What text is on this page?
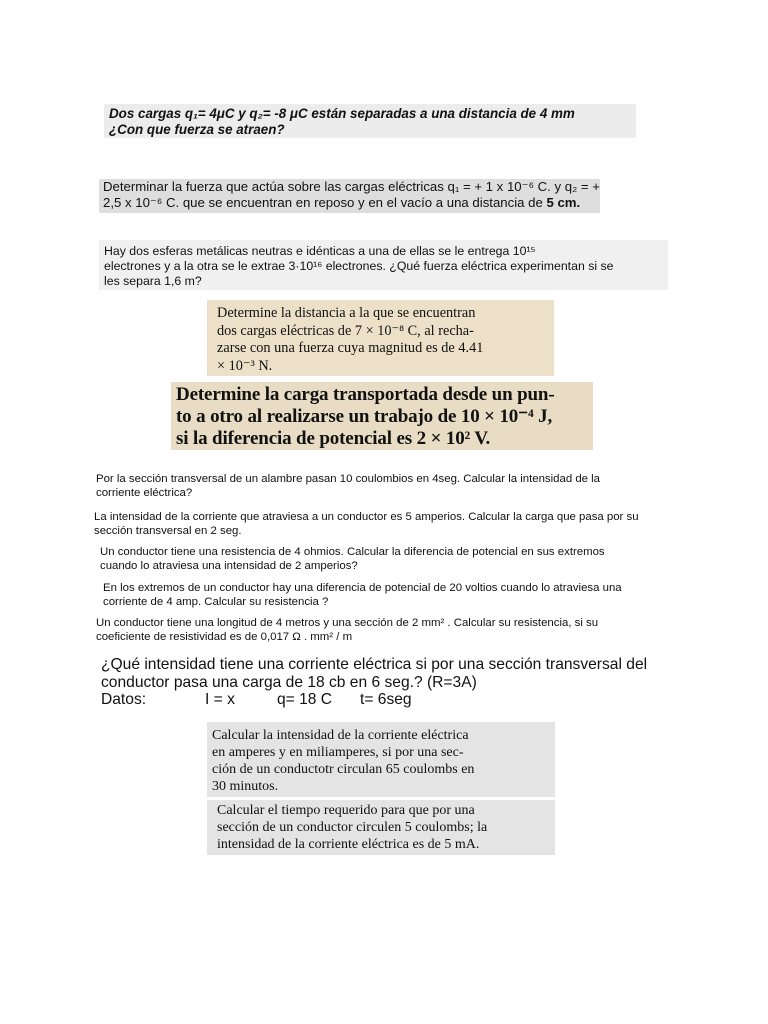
Dos cargas q₁= 4μC y q₂= -8 μC están separadas a una distancia de 4 mm
¿Con que fuerza se atraen?
Determinar la fuerza que actúa sobre las cargas eléctricas q₁ = + 1 x 10⁻⁶ C. y q₂ = +
2,5 x 10⁻⁶ C. que se encuentran en reposo y en el vacío a una distancia de 5 cm.
Hay dos esferas metálicas neutras e idénticas a una de ellas se le entrega 10¹⁵
electrones y a la otra se le extrae 3·10¹⁶ electrones. ¿Qué fuerza eléctrica experimentan si se
les separa 1,6 m?
Determine la distancia a la que se encuentran
dos cargas eléctricas de 7 × 10⁻⁸ C, al recha-
zarse con una fuerza cuya magnitud es de 4.41
× 10⁻³ N.
Determine la carga transportada desde un pun-
to a otro al realizarse un trabajo de 10 × 10⁻⁴ J,
si la diferencia de potencial es 2 × 10² V.
Por la sección transversal de un alambre pasan 10 coulombios en 4seg. Calcular la intensidad de la
corriente eléctrica?
La intensidad de la corriente que atraviesa a un conductor es 5 amperios. Calcular la carga que pasa por su
sección transversal en 2 seg.
Un conductor tiene una resistencia de 4 ohmios. Calcular la diferencia de potencial en sus extremos
cuando lo atraviesa una intensidad de 2 amperios?
En los extremos de un conductor hay una diferencia de potencial de 20 voltios cuando lo atraviesa una
corriente de 4 amp. Calcular su resistencia ?
Un conductor tiene una longitud de 4 metros y una sección de 2 mm² . Calcular su resistencia, si su
coeficiente de resistividad es de 0,017 Ω . mm² / m
¿Qué intensidad tiene una corriente eléctrica si por una sección transversal del
conductor pasa una carga de 18 cb en 6 seg.? (R=3A)
Datos:	I = x	q= 18 C	t= 6seg
Calcular la intensidad de la corriente eléctrica
en amperes y en miliamperes, si por una sec-
ción de un conductotr circulan 65 coulombs en
30 minutos.
Calcular el tiempo requerido para que por una
sección de un conductor circulen 5 coulombs; la
intensidad de la corriente eléctrica es de 5 mA.
